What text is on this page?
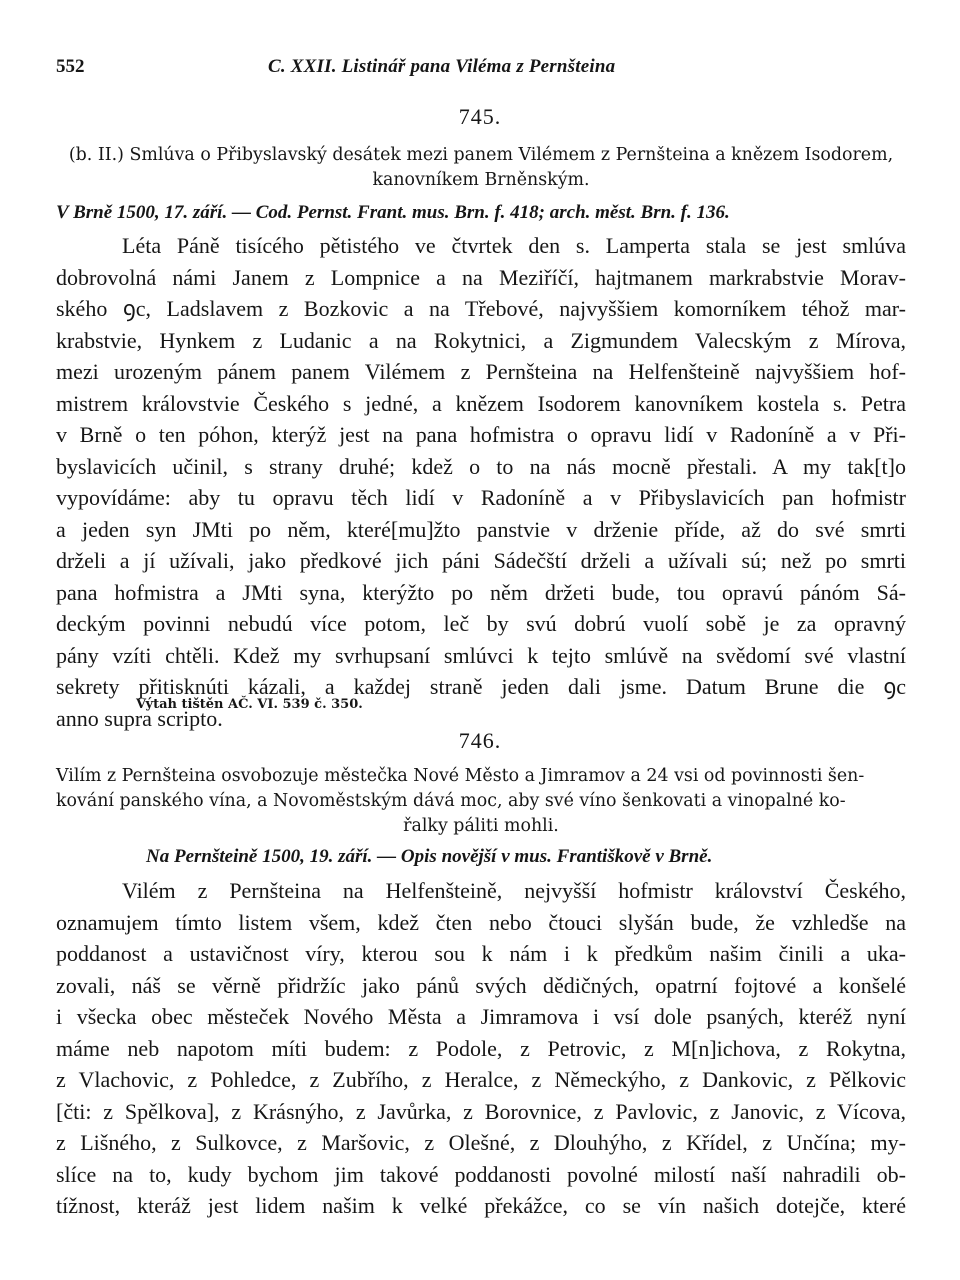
552	C. XXII. Listinář pana Viléma z Pernšteina
745.
(b. II.) Smlúva o Přibyslavský desátek mezi panem Vilémem z Pernšteina a knězem Isodorem,
kanovníkem Brněnským.
V Brně 1500, 17. září. — Cod. Pernst. Frant. mus. Brn. f. 418; arch. měst. Brn. f. 136.
Léta Páně tisícého pětistého ve čtvrtek den s. Lamperta stala se jest smlúva
dobrovolná námi Janem z Lompnice a na Meziříčí, hajtmanem markrabstvie Morav-
ského ꝯc, Ladslavem z Bozkovic a na Třebové, najvyššiem komorníkem téhož mar-
krabstvie, Hynkem z Ludanic a na Rokytnici, a Zigmundem Valecským z Mírova,
mezi urozeným pánem panem Vilémem z Pernšteina na Helfenšteině najvyššiem hof-
mistrem královstvie Českého s jedné, a knězem Isodorem kanovníkem kostela s. Petra
v Brně o ten póhon, kterýž jest na pana hofmistra o opravu lidí v Radoníně a v Při-
byslavicích učinil, s strany druhé; kdež o to na nás mocně přestali. A my tak[t]o
vypovídáme: aby tu opravu těch lidí v Radoníně a v Přibyslavicích pan hofmistr
a jeden syn JMti po něm, které[mu]žto panstvie v drženie příde, až do své smrti
drželi a jí užívali, jako předkové jich páni Sádečští drželi a užívali sú; než po smrti
pana hofmistra a JMti syna, kterýžto po něm držeti bude, tou opravú pánóm Sá-
deckým povinni nebudú více potom, leč by svú dobrú vuolí sobě je za opravný
pány vzíti chtěli. Kdež my svrhupsaní smlúvci k tejto smlúvě na svědomí své vlastní
sekrety přitisknúti kázali, a každej straně jeden dali jsme. Datum Brune die ꝯc
anno supra scripto.
Výtah tištěn AČ. VI. 539 č. 350.
746.
Vilím z Pernšteina osvobozuje městečka Nové Město a Jimramov a 24 vsi od povinnosti šen-
kování panského vína, a Novoměstským dává moc, aby své víno šenkovati a vinopalné ko-
řalky páliti mohli.
Na Pernšteině 1500, 19. září. — Opis novější v mus. Františkově v Brně.
Vilém z Pernšteina na Helfenšteině, nejvyšší hofmistr království Českého,
oznamujem tímto listem všem, kdež čten nebo čtouci slyšán bude, že vzhledše na
poddanost a ustavičnost víry, kterou sou k nám i k předkům našim činili a uka-
zovali, náš se věrně přidržíc jako pánů svých dědičných, opatrní fojtové a konšelé
i všecka obec městeček Nového Města a Jimramova i vsí dole psaných, kteréž nyní
máme neb napotom míti budem: z Podole, z Petrovic, z M[n]ichova, z Rokytna,
z Vlachovic, z Pohledce, z Zubřího, z Heralce, z Německýho, z Dankovic, z Pělkovic
[čti: z Spělkova], z Krásnýho, z Javůrka, z Borovnice, z Pavlovic, z Janovic, z Vícova,
z Lišného, z Sulkovce, z Maršovic, z Olešné, z Dlouhýho, z Křídel, z Unčína; my-
slíce na to, kudy bychom jim takové poddanosti povolné milostí naší nahradili ob-
tížnost, kteráž jest lidem našim k velké překážce, co se vín našich dotejče, které
